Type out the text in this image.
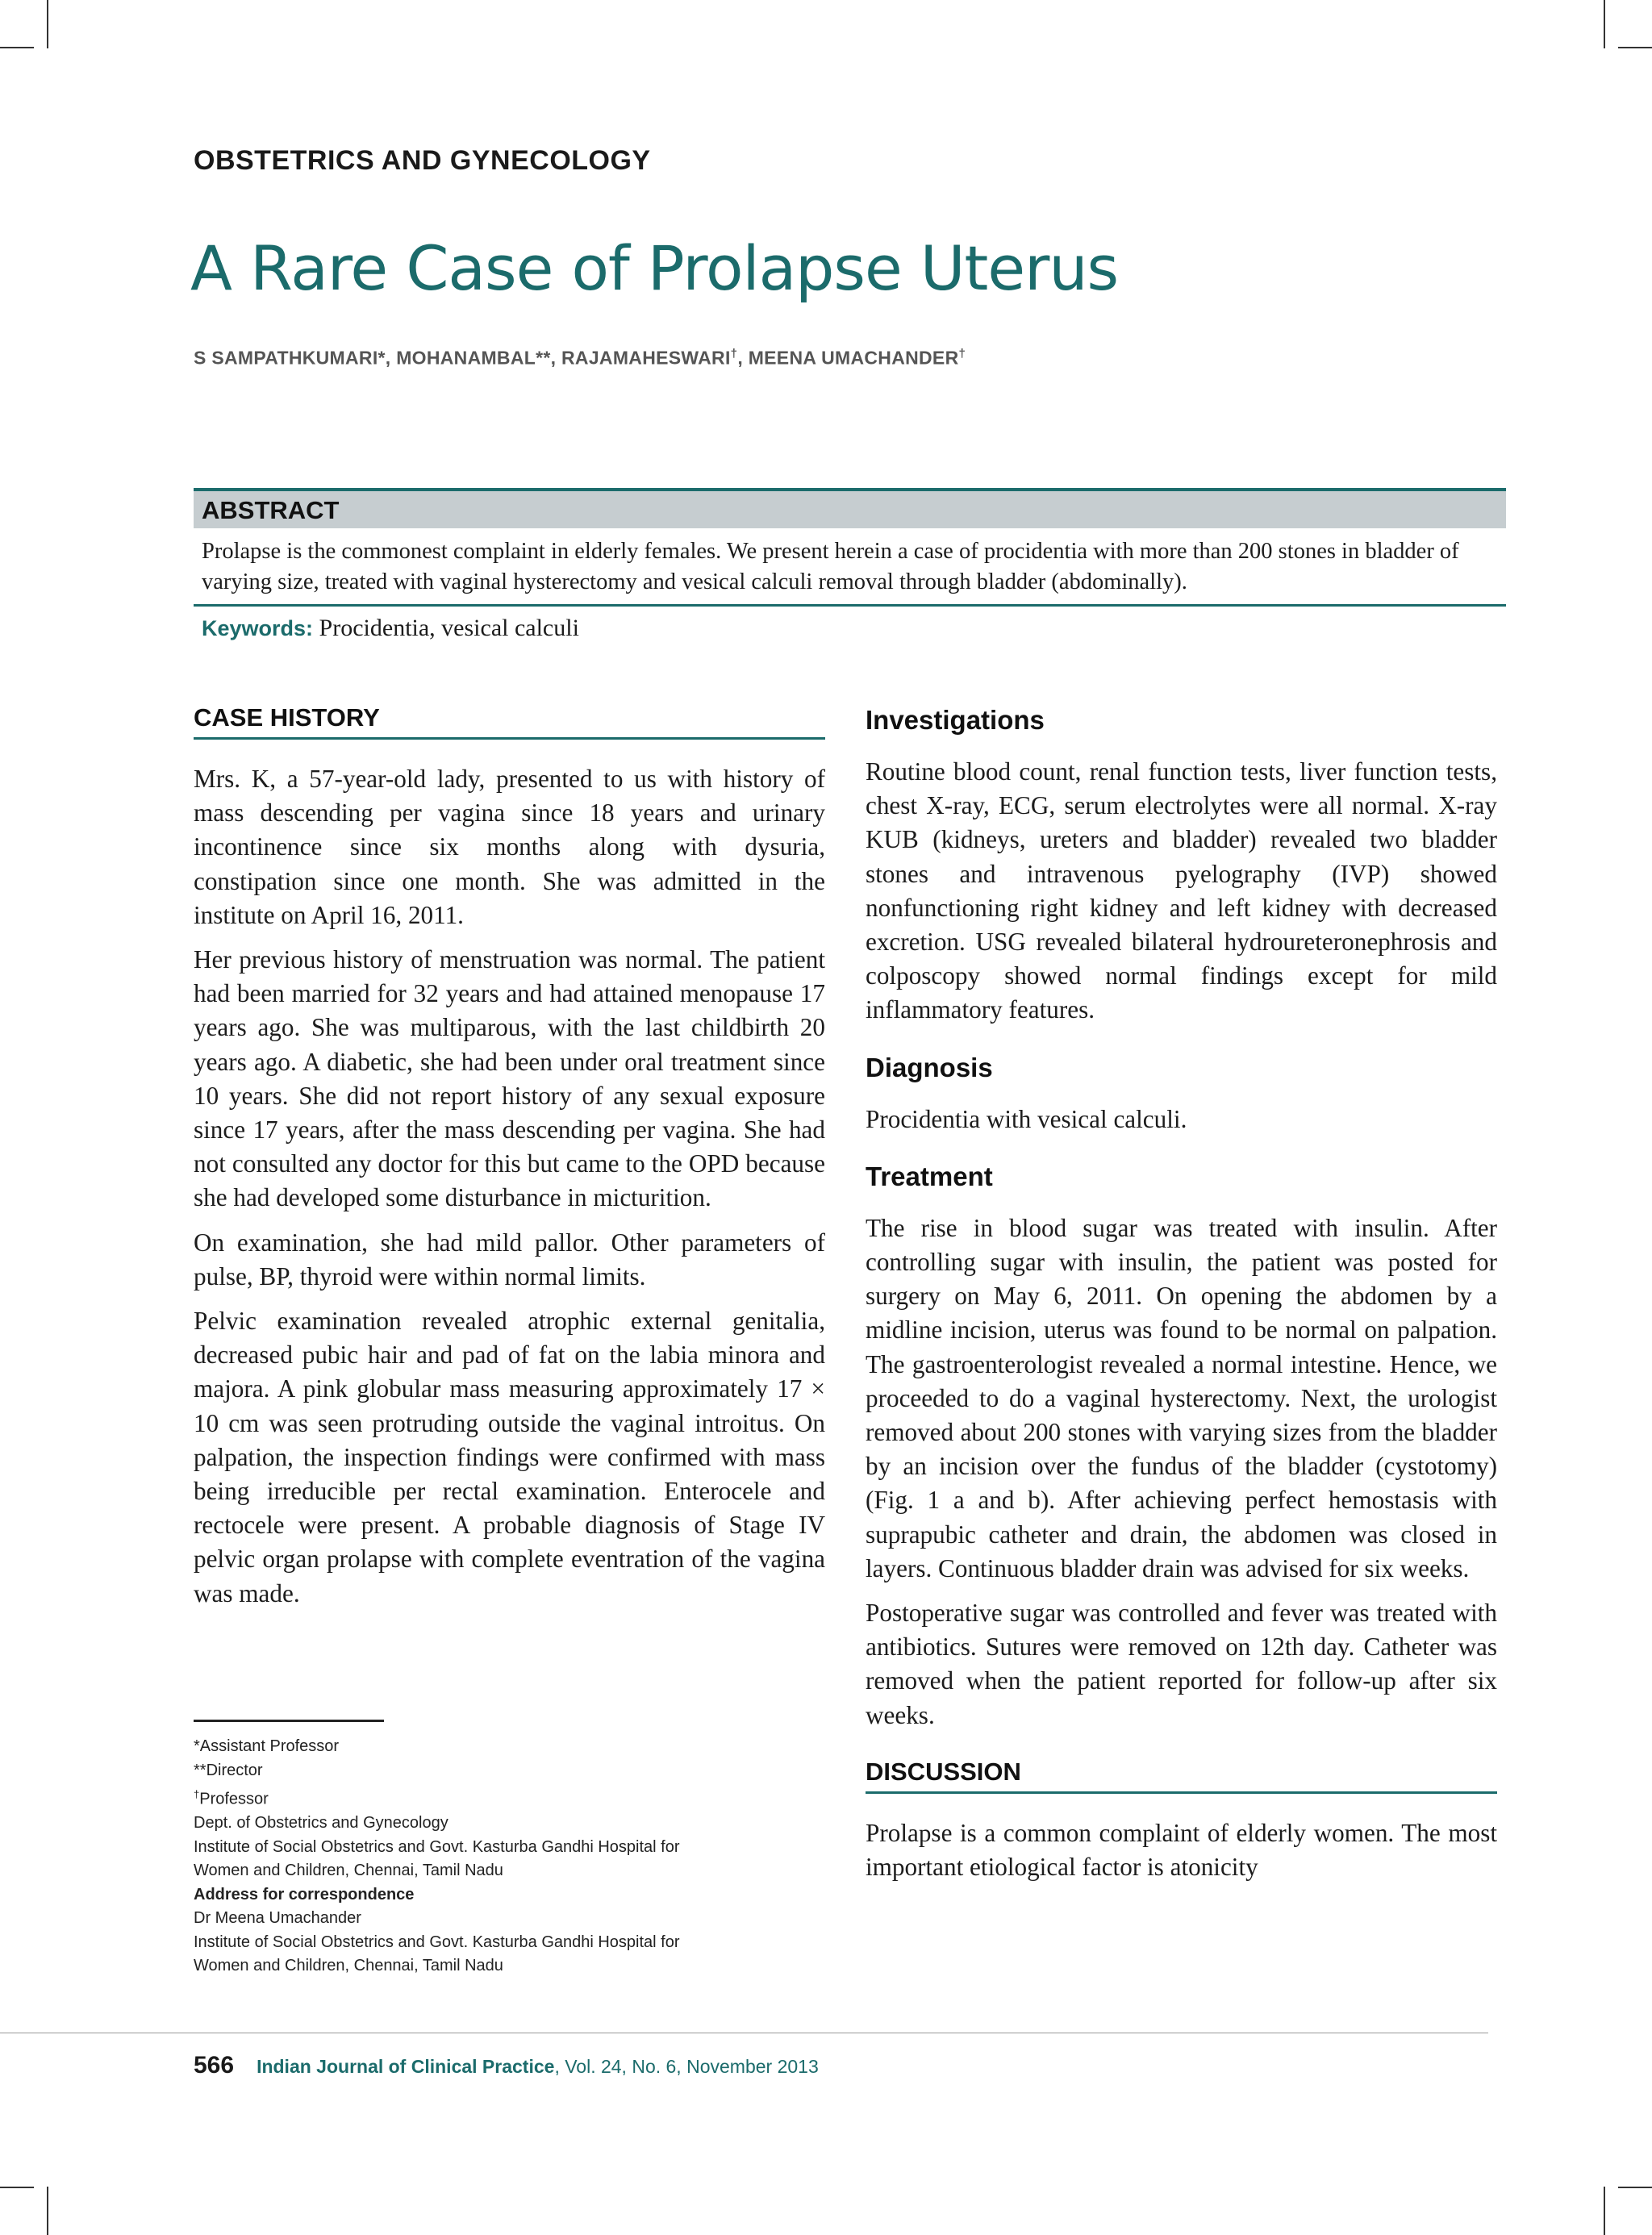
OBSTETRICS AND GYNECOLOGY
A Rare Case of Prolapse Uterus
S SAMPATHKUMARI*, MOHANAMBAL**, RAJAMAHESWARI†, MEENA UMACHANDER†
ABSTRACT
Prolapse is the commonest complaint in elderly females. We present herein a case of procidentia with more than 200 stones in bladder of varying size, treated with vaginal hysterectomy and vesical calculi removal through bladder (abdominally).
Keywords: Procidentia, vesical calculi
CASE HISTORY

Mrs. K, a 57-year-old lady, presented to us with history of mass descending per vagina since 18 years and urinary incontinence since six months along with dysuria, constipation since one month. She was admitted in the institute on April 16, 2011.

Her previous history of menstruation was normal. The patient had been married for 32 years and had attained menopause 17 years ago. She was multiparous, with the last childbirth 20 years ago. A diabetic, she had been under oral treatment since 10 years. She did not report history of any sexual exposure since 17 years, after the mass descending per vagina. She had not consulted any doctor for this but came to the OPD because she had developed some disturbance in micturition.

On examination, she had mild pallor. Other parameters of pulse, BP, thyroid were within normal limits.

Pelvic examination revealed atrophic external genitalia, decreased pubic hair and pad of fat on the labia minora and majora. A pink globular mass measuring approximately 17 × 10 cm was seen protruding outside the vaginal introitus. On palpation, the inspection findings were confirmed with mass being irreducible per rectal examination. Enterocele and rectocele were present. A probable diagnosis of Stage IV pelvic organ prolapse with complete eventration of the vagina was made.

Investigations

Routine blood count, renal function tests, liver function tests, chest X-ray, ECG, serum electrolytes were all normal. X-ray KUB (kidneys, ureters and bladder) revealed two bladder stones and intravenous pyelography (IVP) showed nonfunctioning right kidney and left kidney with decreased excretion. USG revealed bilateral hydroureteronephrosis and colposcopy showed normal findings except for mild inflammatory features.

Diagnosis

Procidentia with vesical calculi.

Treatment

The rise in blood sugar was treated with insulin. After controlling sugar with insulin, the patient was posted for surgery on May 6, 2011. On opening the abdomen by a midline incision, uterus was found to be normal on palpation. The gastroenterologist revealed a normal intestine. Hence, we proceeded to do a vaginal hysterectomy. Next, the urologist removed about 200 stones with varying sizes from the bladder by an incision over the fundus of the bladder (cystotomy) (Fig. 1 a and b). After achieving perfect hemostasis with suprapubic catheter and drain, the abdomen was closed in layers. Continuous bladder drain was advised for six weeks.

Postoperative sugar was controlled and fever was treated with antibiotics. Sutures were removed on 12th day. Catheter was removed when the patient reported for follow-up after six weeks.

DISCUSSION

Prolapse is a common complaint of elderly women. The most important etiological factor is atonicity

*Assistant Professor
**Director
†Professor
Dept. of Obstetrics and Gynecology
Institute of Social Obstetrics and Govt. Kasturba Gandhi Hospital for
Women and Children, Chennai, Tamil Nadu
Address for correspondence
Dr Meena Umachander
Institute of Social Obstetrics and Govt. Kasturba Gandhi Hospital for
Women and Children, Chennai, Tamil Nadu
566 Indian Journal of Clinical Practice, Vol. 24, No. 6, November 2013
